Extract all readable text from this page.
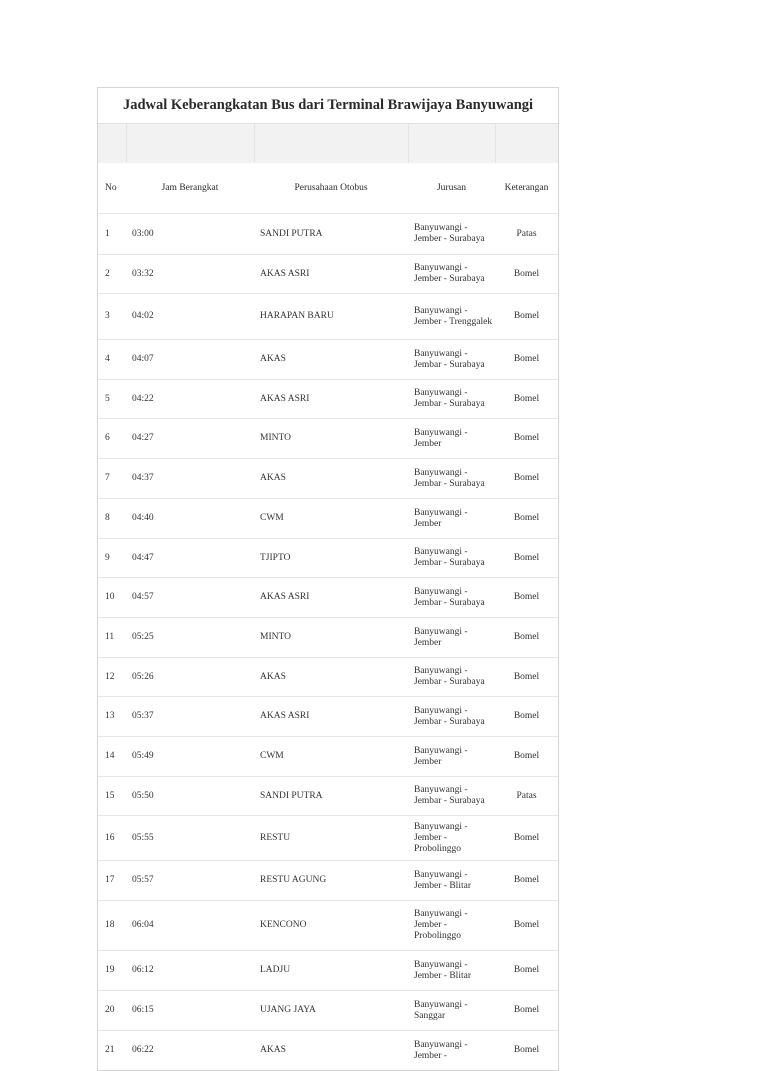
Jadwal Keberangkatan Bus dari Terminal Brawijaya Banyuwangi

No	Jam Berangkat	Perusahaan Otobus	Jurusan	Keterangan
1	03:00	SANDI PUTRA	Banyuwangi - Jember - Surabaya	Patas
2	03:32	AKAS ASRI	Banyuwangi - Jember - Surabaya	Bomel
3	04:02	HARAPAN BARU	Banyuwangi - Jember - Trenggalek	Bomel
4	04:07	AKAS	Banyuwangi - Jembar - Surabaya	Bomel
5	04:22	AKAS ASRI	Banyuwangi - Jembar - Surabaya	Bomel
6	04:27	MINTO	Banyuwangi - Jember	Bomel
7	04:37	AKAS	Banyuwangi - Jembar - Surabaya	Bomel
8	04:40	CWM	Banyuwangi - Jember	Bomel
9	04:47	TJIPTO	Banyuwangi - Jembar - Surabaya	Bomel
10	04:57	AKAS ASRI	Banyuwangi - Jembar - Surabaya	Bomel
11	05:25	MINTO	Banyuwangi - Jember	Bomel
12	05:26	AKAS	Banyuwangi - Jembar - Surabaya	Bomel
13	05:37	AKAS ASRI	Banyuwangi - Jembar - Surabaya	Bomel
14	05:49	CWM	Banyuwangi - Jember	Bomel
15	05:50	SANDI PUTRA	Banyuwangi - Jembar - Surabaya	Patas
16	05:55	RESTU	Banyuwangi - Jember - Probolinggo	Bomel
17	05:57	RESTU AGUNG	Banyuwangi - Jember - Blitar	Bomel
18	06:04	KENCONO	Banyuwangi - Jember - Probolinggo	Bomel
19	06:12	LADJU	Banyuwangi - Jember - Blitar	Bomel
20	06:15	UJANG JAYA	Banyuwangi - Sanggar	Bomel
21	06:22	AKAS	Banyuwangi - Jember -	Bomel
